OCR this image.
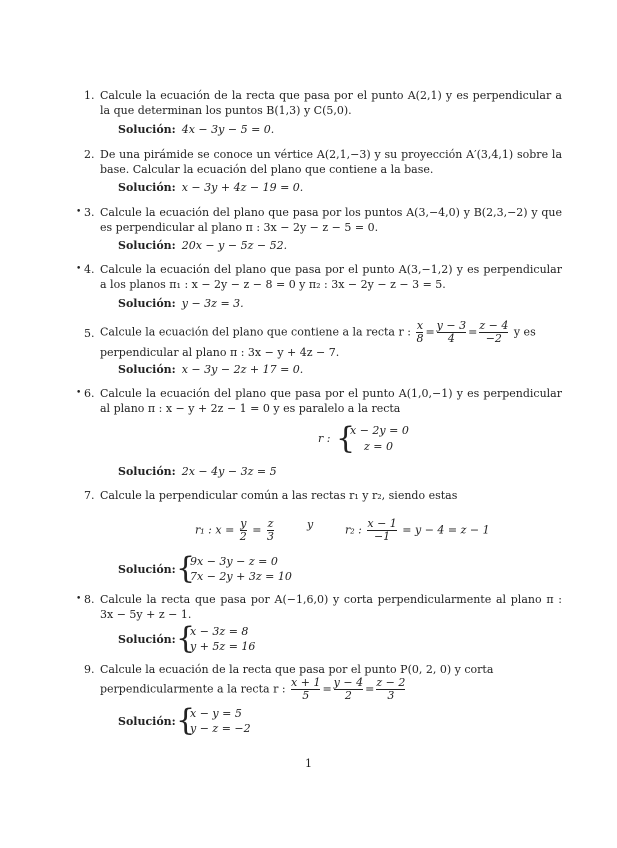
1. Calcule la ecuación de la recta que pasa por el punto A(2,1) y es perpendicular a la que determinan los puntos B(1,3) y C(5,0).
Solución: 4x − 3y − 5 = 0.
2. De una pirámide se conoce un vértice A(2,1,−3) y su proyección A′(3,4,1) sobre la base. Calcular la ecuación del plano que contiene a la base.
Solución: x − 3y + 4z − 19 = 0.
• 3. Calcule la ecuación del plano que pasa por los puntos A(3,−4,0) y B(2,3,−2) y que es perpendicular al plano π : 3x − 2y − z − 5 = 0.
Solución: 20x − y − 5z − 52.
• 4. Calcule la ecuación del plano que pasa por el punto A(3,−1,2) y es perpendicular a los planos π₁ : x − 2y − z − 8 = 0 y π₂ : 3x − 2y − z − 3 = 5.
Solución: y − 3z = 3.
5. Calcule la ecuación del plano que contiene a la recta r : $\frac{x}{8} = \frac{y - 3}{4} = \frac{z - 4}{-2}$ y es
perpendicular al plano π : 3x − y + 4z − 7.
Solución: x − 3y − 2z + 17 = 0.
• 6. Calcule la ecuación del plano que pasa por el punto A(1,0,−1) y es perpendicular al plano π : x − y + 2z − 1 = 0 y es paralelo a la recta
r : {
x − 2y = 0
z = 0
Solución: 2x − 4y − 3z = 5
7. Calcule la perpendicular común a las rectas r₁ y r₂, siendo estas
r₁ : $x = \frac{y}{2} = \frac{z}{3}$	y	r₂ : $\frac{x - 1}{-1} = y - 4 = z - 1$
Solución: {
9x − 3y − z = 0
7x − 2y + 3z = 10
• 8. Calcule la recta que pasa por A(−1,6,0) y corta perpendicularmente al plano π : 3x − 5y + z − 1.
Solución: {
x − 3z = 8
y + 5z = 16
9. Calcule la ecuación de la recta que pasa por el punto P(0, 2, 0) y corta perpendicularmente a la recta r : $\frac{x + 1}{5} = \frac{y - 4}{2} = \frac{z - 2}{3}$
Solución: {
x − y = 5
y − z = −2
1
